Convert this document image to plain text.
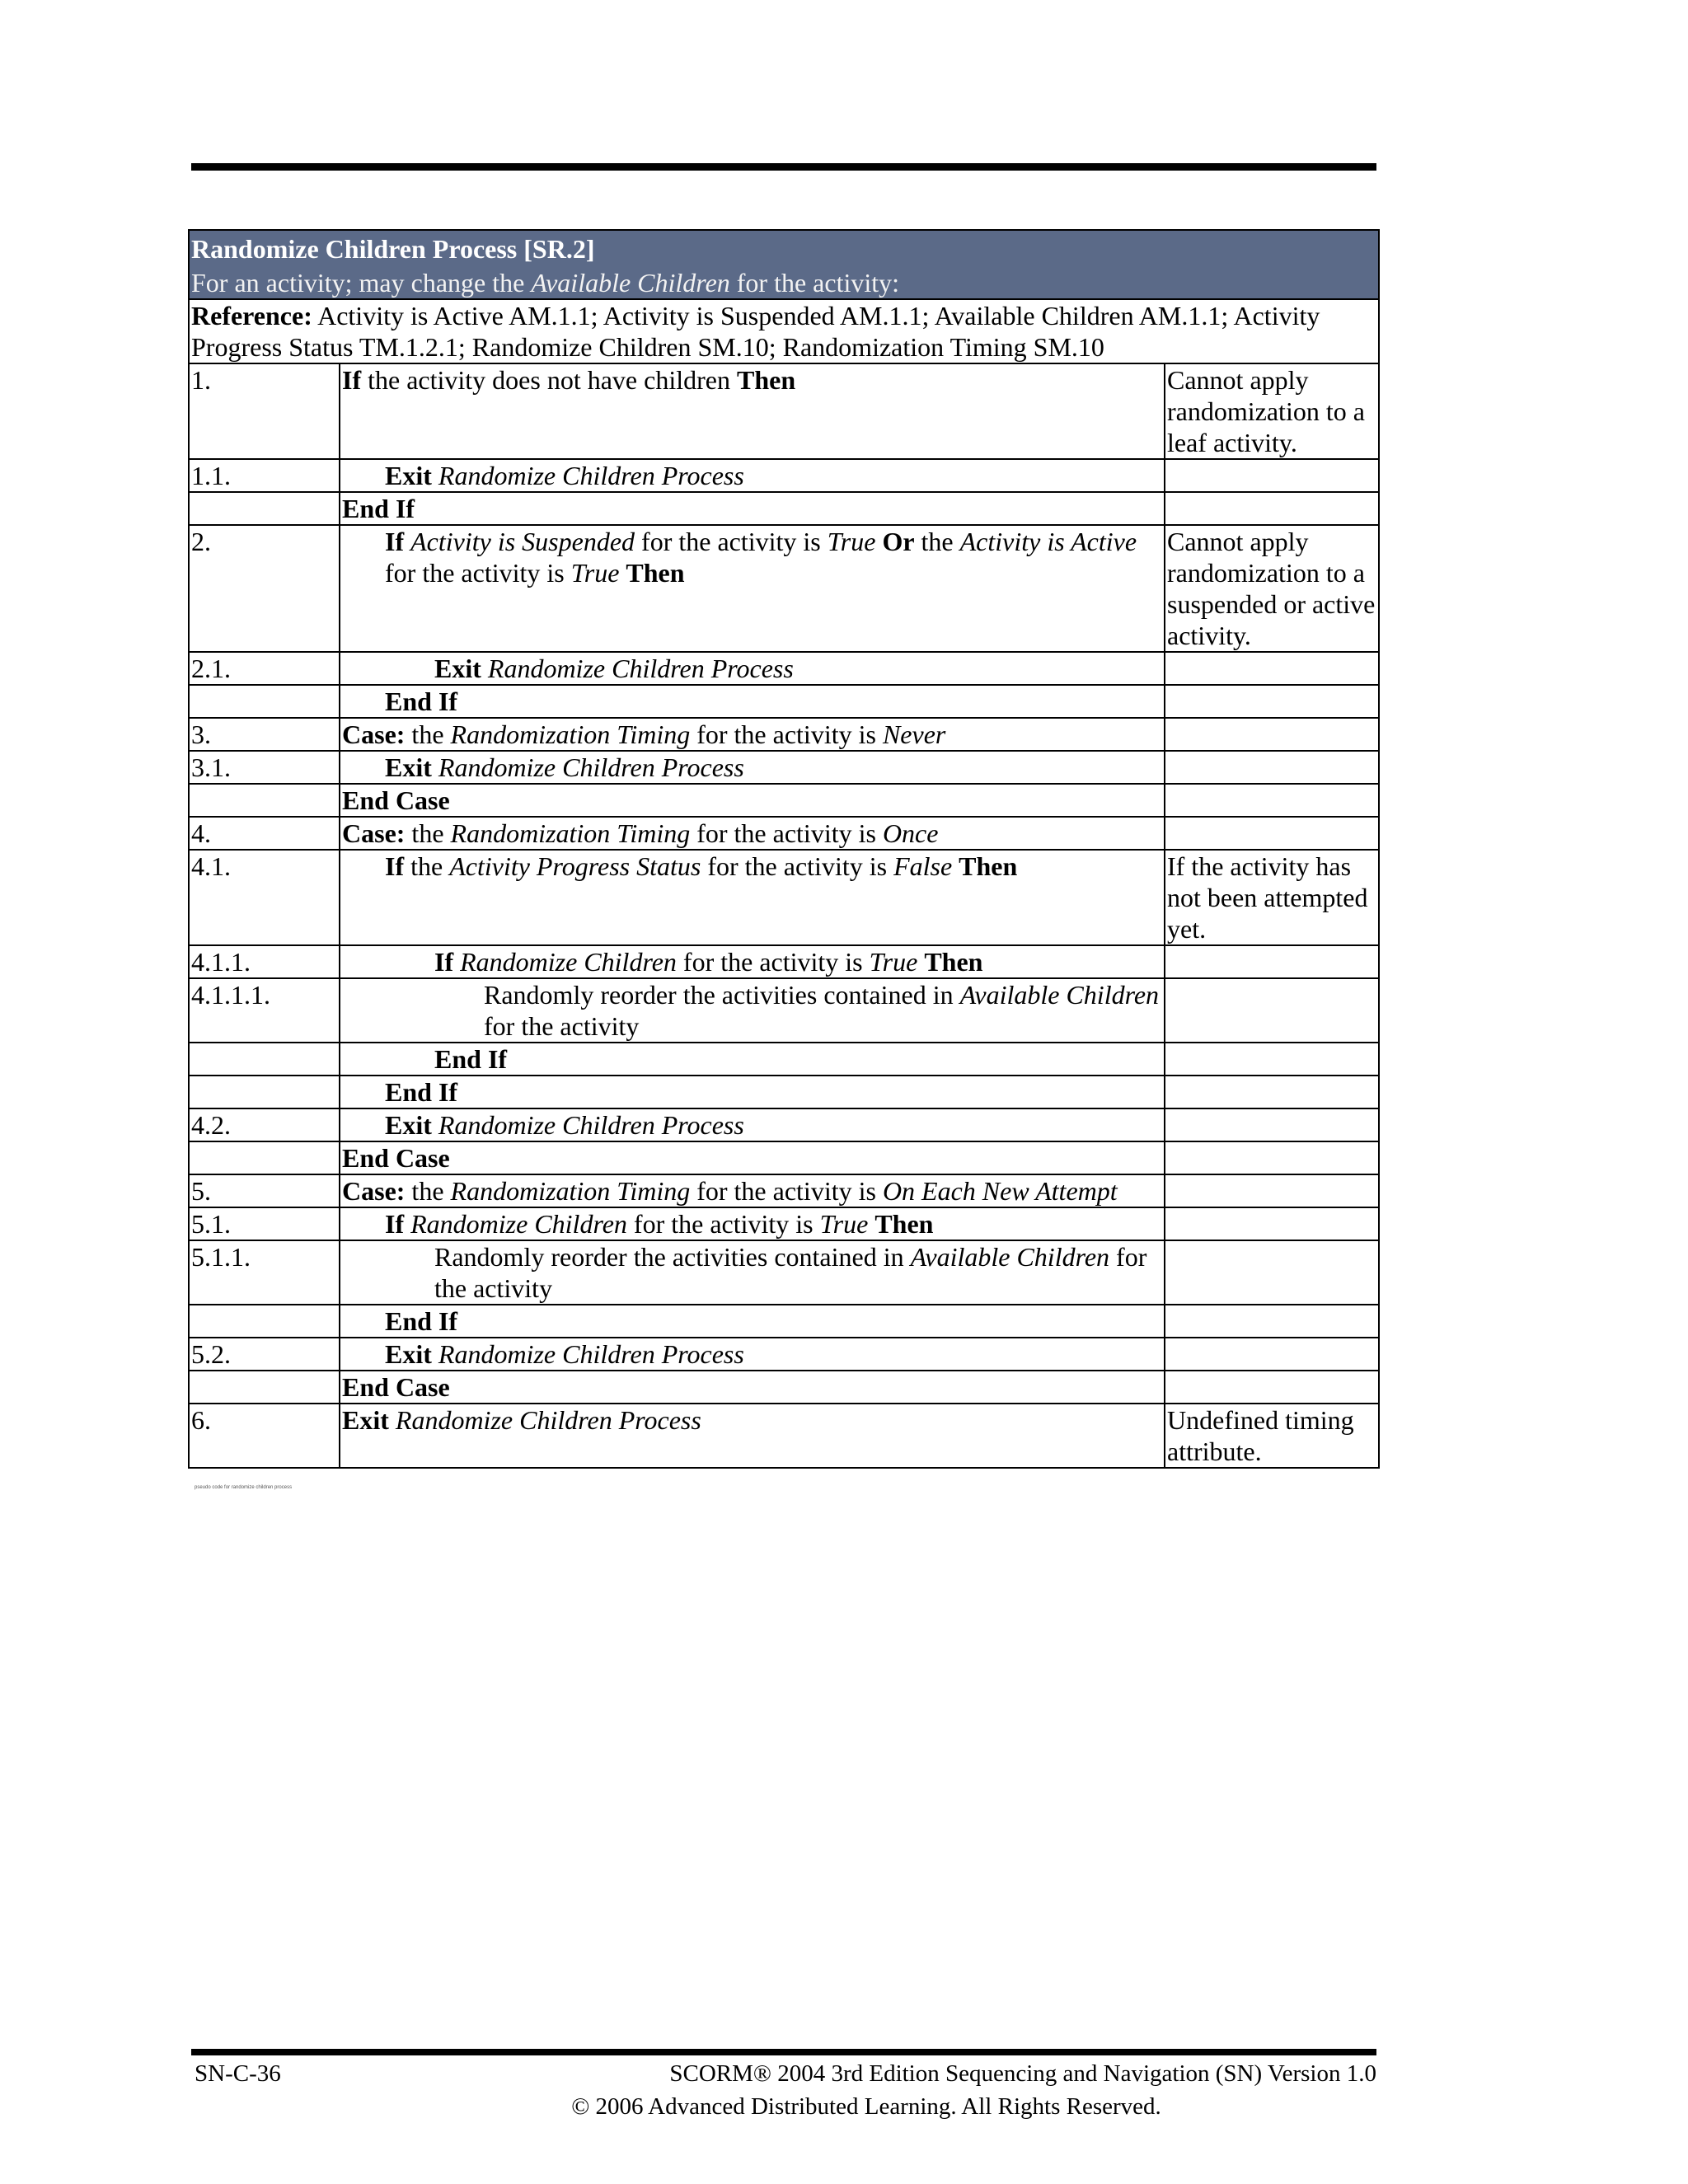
Randomize Children Process [SR.2]
For an activity; may change the Available Children for the activity:		

Reference: Activity is Active AM.1.1; Activity is Suspended AM.1.1; Available Children AM.1.1; Activity Progress Status TM.1.2.1; Randomize Children SM.10; Randomization Timing SM.10		
1.	If the activity does not have children Then	Cannot apply randomization to a leaf activity.
1.1.	Exit Randomize Children Process	

	End If	

2.	If Activity is Suspended for the activity is True Or the Activity is Active for the activity is True Then	Cannot apply randomization to a suspended or active activity.
2.1.	Exit Randomize Children Process	

	End If	

3.	Case: the Randomization Timing for the activity is Never	

3.1.	Exit Randomize Children Process	

	End Case	

4.	Case: the Randomization Timing for the activity is Once	

4.1.	If the Activity Progress Status for the activity is False Then	If the activity has not been attempted yet.
4.1.1.	If Randomize Children for the activity is True Then	

4.1.1.1.	Randomly reorder the activities contained in Available Children for the activity	

	End If	

	End If	

4.2.	Exit Randomize Children Process	

	End Case	

5.	Case: the Randomization Timing for the activity is On Each New Attempt	

5.1.	If Randomize Children for the activity is True Then	

5.1.1.	Randomly reorder the activities contained in Available Children for the activity	

	End If	

5.2.	Exit Randomize Children Process	

	End Case	

6.	Exit Randomize Children Process	Undefined timing attribute.
pseudo code for randomize children process
SN-C-36	SCORM® 2004 3rd Edition Sequencing and Navigation (SN) Version 1.0
© 2006 Advanced Distributed Learning. All Rights Reserved.
